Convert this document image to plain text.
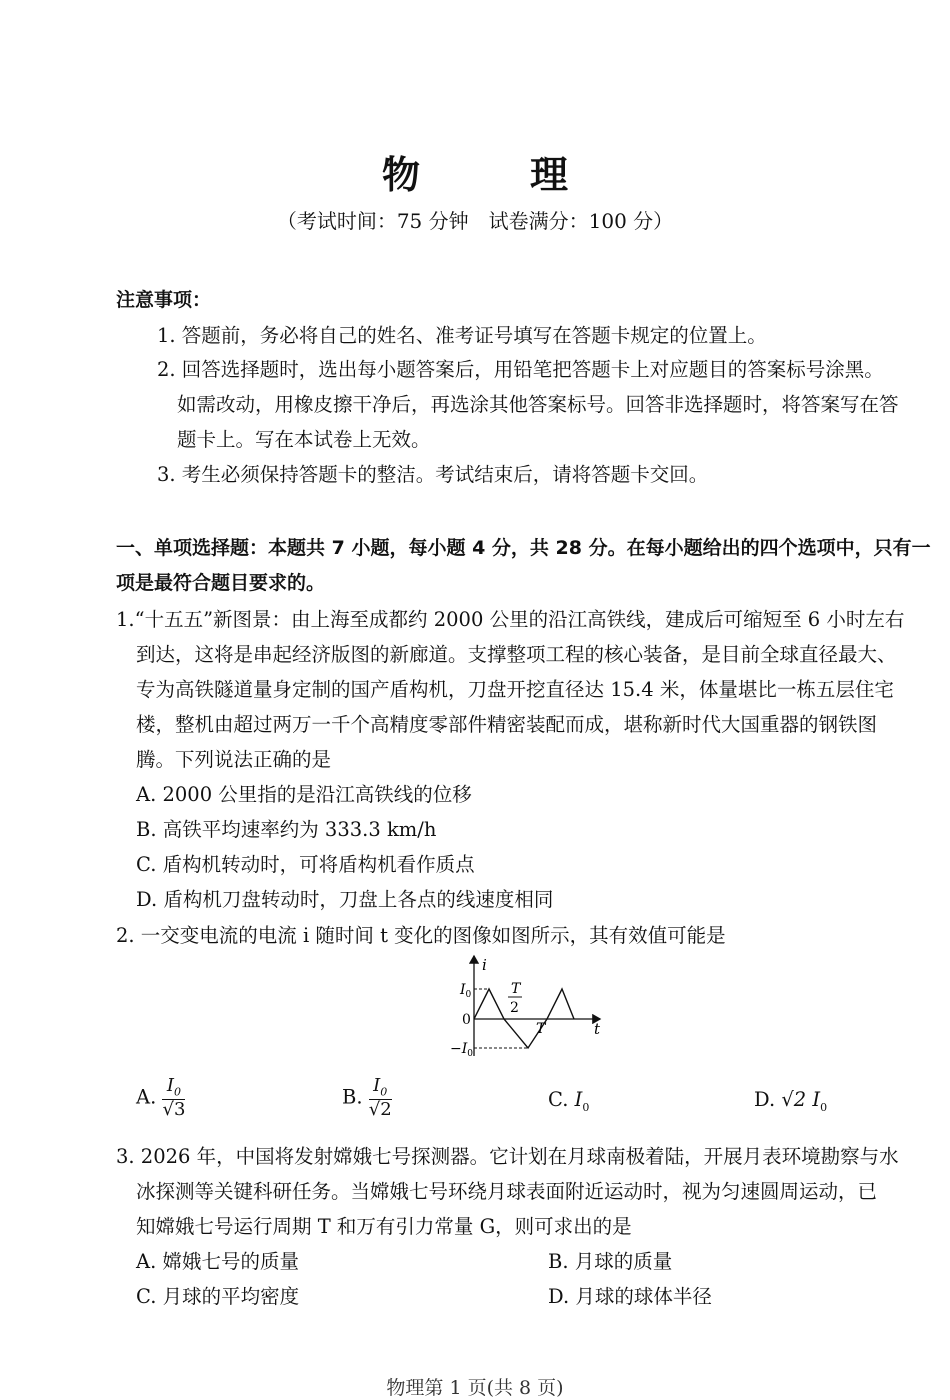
物　理
（考试时间：75 分钟　试卷满分：100 分）
注意事项：
1. 答题前，务必将自己的姓名、准考证号填写在答题卡规定的位置上。
2. 回答选择题时，选出每小题答案后，用铅笔把答题卡上对应题目的答案标号涂黑。
如需改动，用橡皮擦干净后，再选涂其他答案标号。回答非选择题时，将答案写在答
题卡上。写在本试卷上无效。
3. 考生必须保持答题卡的整洁。考试结束后，请将答题卡交回。
一、单项选择题：本题共 7 小题，每小题 4 分，共 28 分。在每小题给出的四个选项中，只有一
项是最符合题目要求的。
1.“十五五”新图景：由上海至成都约 2000 公里的沿江高铁线，建成后可缩短至 6 小时左右
到达，这将是串起经济版图的新廊道。支撑整项工程的核心装备，是目前全球直径最大、
专为高铁隧道量身定制的国产盾构机，刀盘开挖直径达 15.4 米，体量堪比一栋五层住宅
楼，整机由超过两万一千个高精度零部件精密装配而成，堪称新时代大国重器的钢铁图
腾。下列说法正确的是
A. 2000 公里指的是沿江高铁线的位移
B. 高铁平均速率约为 333.3 km/h
C. 盾构机转动时，可将盾构机看作质点
D. 盾构机刀盘转动时，刀盘上各点的线速度相同
2. 一交变电流的电流 i 随时间 t 变化的图像如图所示，其有效值可能是
i
t
0
$I_0$
$-I_0$
T
2
T
A. $\frac{I_0}{√3}$	B. $\frac{I_0}{√2}$	C. $I_0$	D. √2 $I_0$
3. 2026 年，中国将发射嫦娥七号探测器。它计划在月球南极着陆，开展月表环境勘察与水
冰探测等关键科研任务。当嫦娥七号环绕月球表面附近运动时，视为匀速圆周运动，已
知嫦娥七号运行周期 T 和万有引力常量 G，则可求出的是
A. 嫦娥七号的质量	B. 月球的质量
C. 月球的平均密度	D. 月球的球体半径
物理第 1 页(共 8 页)
